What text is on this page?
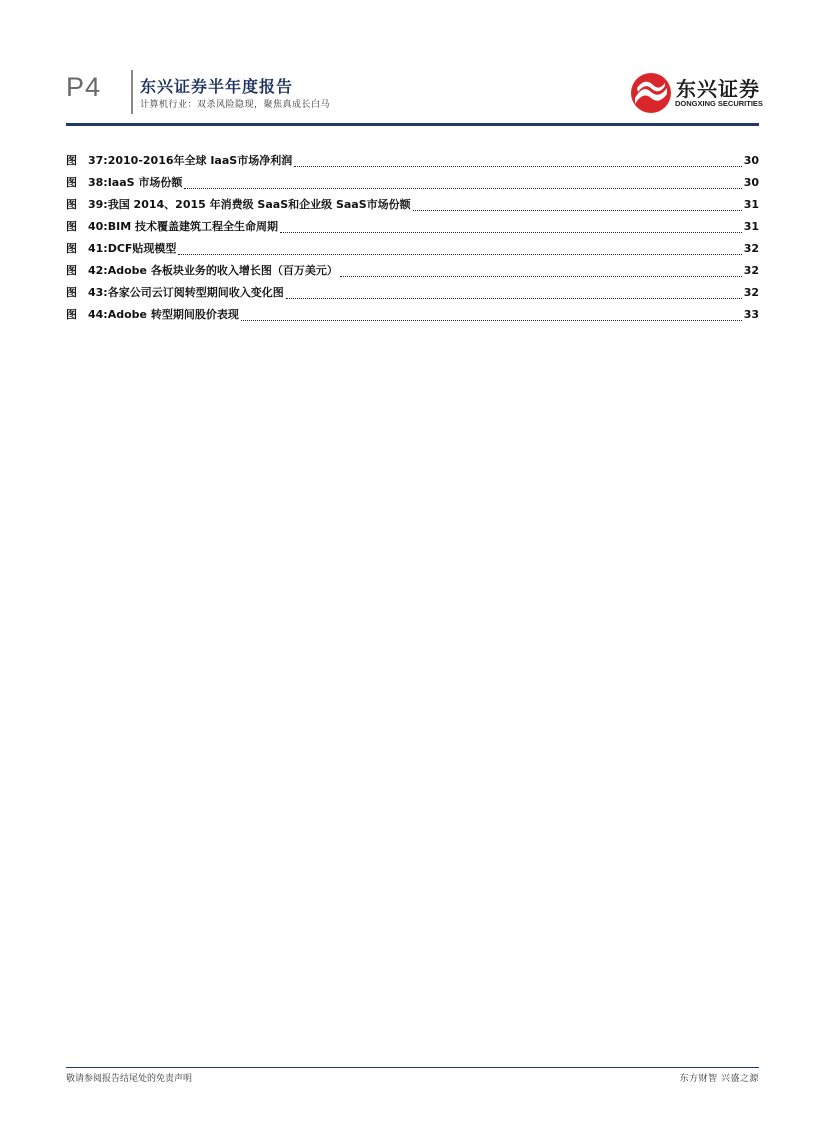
P4 东兴证券半年度报告
计算机行业：双杀风险隐现，聚焦真成长白马
东兴证券
DONGXING SECURITIES
图	37: 2010-2016年全球 IaaS市场净利润	30
图	38: IaaS 市场份额	30
图	39: 我国 2014、2015 年消费级 SaaS和企业级 SaaS市场份额	31
图	40: BIM 技术覆盖建筑工程全生命周期	31
图	41: DCF贴现模型	32
图	42: Adobe 各板块业务的收入增长图（百万美元）	32
图	43: 各家公司云订阅转型期间收入变化图	32
图	44: Adobe 转型期间股价表现	33
敬请参阅报告结尾处的免责声明	东方财智 兴盛之源
